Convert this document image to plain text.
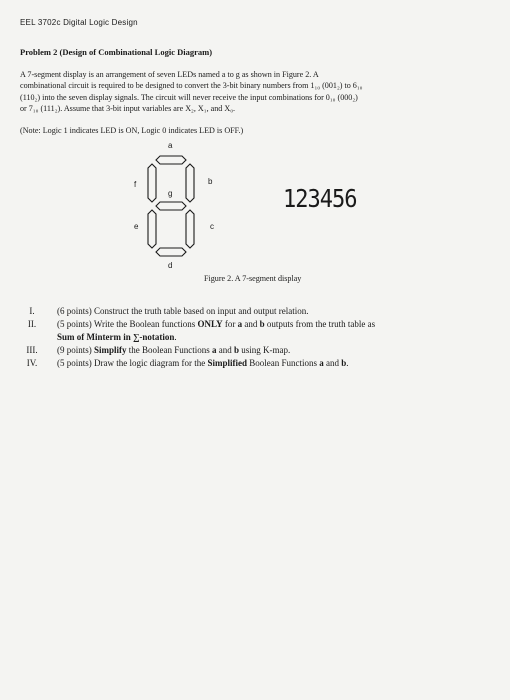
EEL 3702c Digital Logic Design
Problem 2 (Design of Combinational Logic Diagram)
A 7-segment display is an arrangement of seven LEDs named a to g as shown in Figure 2. A
combinational circuit is required to be designed to convert the 3-bit binary numbers from 1₁₀ (001₂) to 6₁₀
(110₂) into the seven display signals. The circuit will never receive the input combinations for 0₁₀ (000₂)
or 7₁₀ (111₂). Assume that 3-bit input variables are X₂, X₁, and X₀.
(Note: Logic 1 indicates LED is ON, Logic 0 indicates LED is OFF.)
a
f	b
g
e	c
d
123456
Figure 2. A 7-segment display
I.	(6 points) Construct the truth table based on input and output relation.
II.	(5 points) Write the Boolean functions ONLY for a and b outputs from the truth table as
Sum of Minterm in ∑-notation.
III.	(9 points) Simplify the Boolean Functions a and b using K-map.
IV.	(5 points) Draw the logic diagram for the Simplified Boolean Functions a and b.
